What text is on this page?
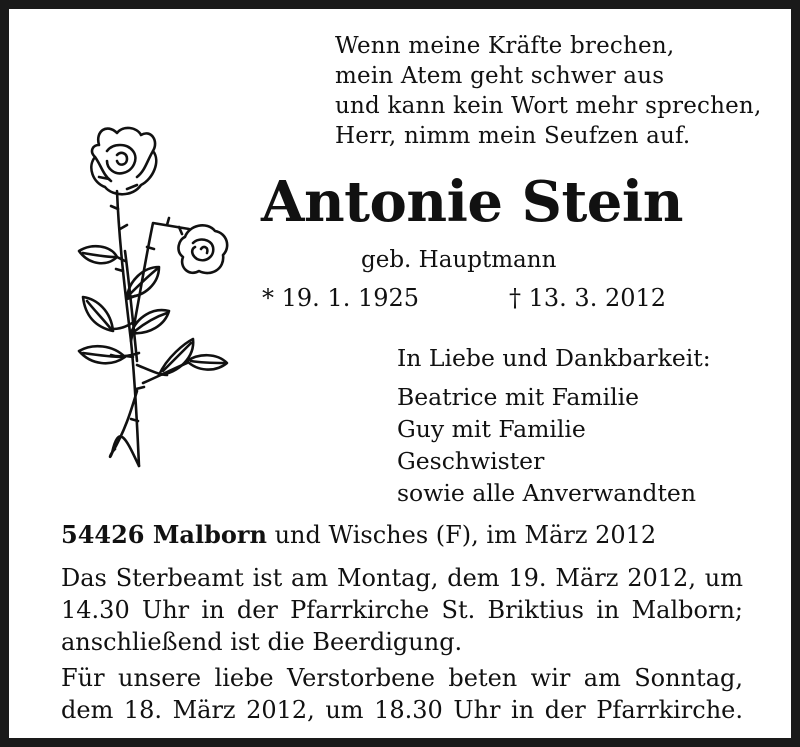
Wenn meine Kräfte brechen,
mein Atem geht schwer aus
und kann kein Wort mehr sprechen,
Herr, nimm mein Seufzen auf.
Antonie Stein
geb. Hauptmann
* 19. 1. 1925	† 13. 3. 2012
In Liebe und Dankbarkeit:
Beatrice mit Familie
Guy mit Familie
Geschwister
sowie alle Anverwandten
54426 Malborn und Wisches (F), im März 2012
Das Sterbeamt ist am Montag, dem 19. März 2012, um
14.30 Uhr in der Pfarrkirche St. Briktius in Malborn;
anschließend ist die Beerdigung.
Für unsere liebe Verstorbene beten wir am Sonntag,
dem 18. März 2012, um 18.30 Uhr in der Pfarrkirche.
